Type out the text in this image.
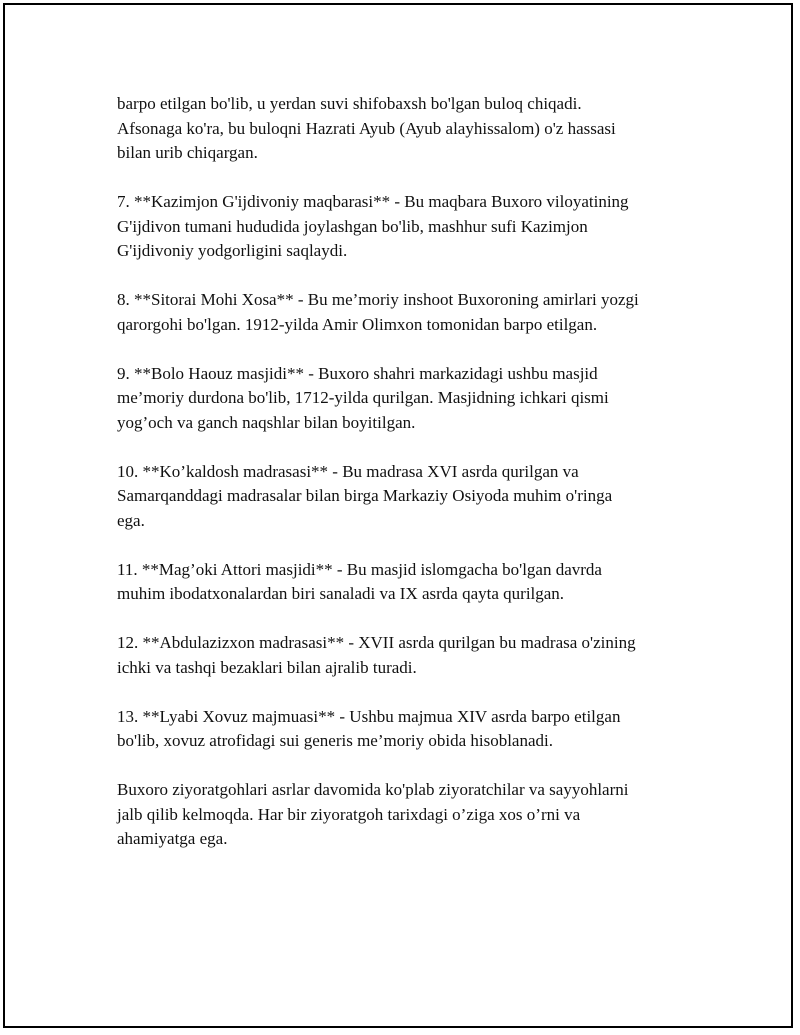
barpo etilgan bo'lib, u yerdan suvi shifobaxsh bo'lgan buloq chiqadi.
Afsonaga ko'ra, bu buloqni Hazrati Ayub (Ayub alayhissalom) o'z hassasi
bilan urib chiqargan.

7. **Kazimjon G'ijdivoniy maqbarasi** - Bu maqbara Buxoro viloyatining
G'ijdivon tumani hududida joylashgan bo'lib, mashhur sufi Kazimjon
G'ijdivoniy yodgorligini saqlaydi.

8. **Sitorai Mohi Xosa** - Bu me’moriy inshoot Buxoroning amirlari yozgi
qarorgohi bo'lgan. 1912-yilda Amir Olimxon tomonidan barpo etilgan.

9. **Bolo Haouz masjidi** - Buxoro shahri markazidagi ushbu masjid
me’moriy durdona bo'lib, 1712-yilda qurilgan. Masjidning ichkari qismi
yog’och va ganch naqshlar bilan boyitilgan.

10. **Ko’kaldosh madrasasi** - Bu madrasa XVI asrda qurilgan va
Samarqanddagi madrasalar bilan birga Markaziy Osiyoda muhim o'ringa
ega.

11. **Mag’oki Attori masjidi** - Bu masjid islomgacha bo'lgan davrda
muhim ibodatxonalardan biri sanaladi va IX asrda qayta qurilgan.

12. **Abdulazizxon madrasasi** - XVII asrda qurilgan bu madrasa o'zining
ichki va tashqi bezaklari bilan ajralib turadi.

13. **Lyabi Xovuz majmuasi** - Ushbu majmua XIV asrda barpo etilgan
bo'lib, xovuz atrofidagi sui generis me’moriy obida hisoblanadi.

Buxoro ziyoratgohlari asrlar davomida ko'plab ziyoratchilar va sayyohlarni
jalb qilib kelmoqda. Har bir ziyoratgoh tarixdagi o’ziga xos o’rni va
ahamiyatga ega.
